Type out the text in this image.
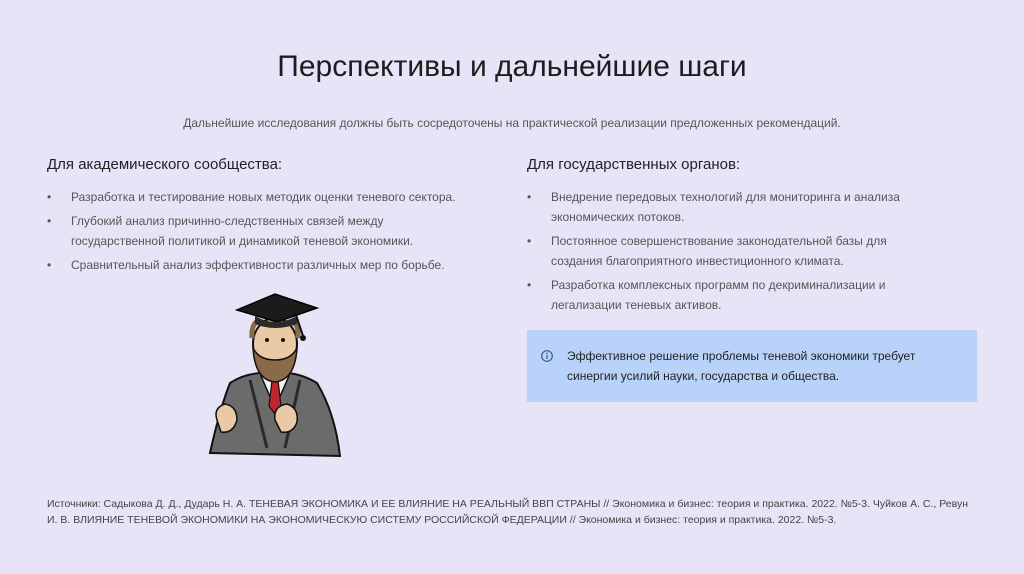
Перспективы и дальнейшие шаги

Дальнейшие исследования должны быть сосредоточены на практической реализации предложенных рекомендаций.

Для академического сообщества:
• Разработка и тестирование новых методик оценки теневого сектора.
• Глубокий анализ причинно-следственных связей между государственной политикой и динамикой теневой экономики.
• Сравнительный анализ эффективности различных мер по борьбе.
Для государственных органов:
• Внедрение передовых технологий для мониторинга и анализа экономических потоков.
• Постоянное совершенствование законодательной базы для создания благоприятного инвестиционного климата.
• Разработка комплексных программ по декриминализации и легализации теневых активов.
Эффективное решение проблемы теневой экономики требует синергии усилий науки, государства и общества.
Источники: Садыкова Д. Д., Дударь Н. А. ТЕНЕВАЯ ЭКОНОМИКА И ЕЕ ВЛИЯНИЕ НА РЕАЛЬНЫЙ ВВП СТРАНЫ // Экономика и бизнес: теория и практика. 2022. №5-3. Чуйков А. С., Ревун И. В. ВЛИЯНИЕ ТЕНЕВОЙ ЭКОНОМИКИ НА ЭКОНОМИЧЕСКУЮ СИСТЕМУ РОССИЙСКОЙ ФЕДЕРАЦИИ // Экономика и бизнес: теория и практика. 2022. №5-3.
